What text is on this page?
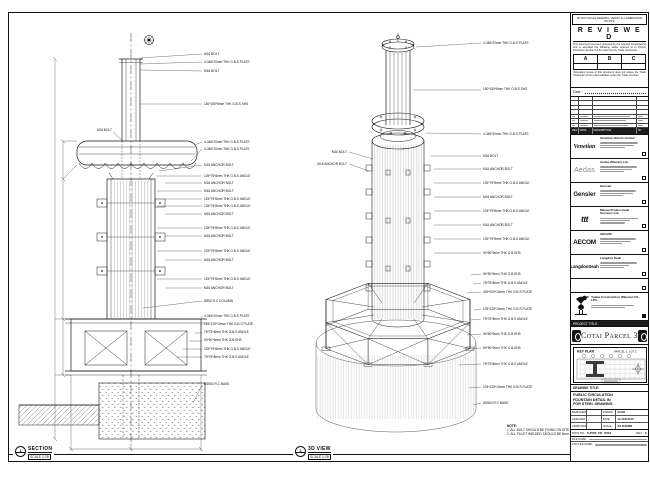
M16 BOLT
4-346*20mm THK G.B.S PLATE
M16 BOLT
150*150*8mm THK G.B.S SHS
M16 BOLT
4-346*20mm THK G.B.S PLATE
4-346*20mm THK G.B.S PLATE
M16 ANCHOR BOLT
125*75*8mm THK G.B.S ANGLE
M16 ANCHOR BOLT
M16 ANCHOR BOLT
125*75*8mm THK G.B.S ANGLE
125*75*8mm THK G.B.S ANGLE
M16 ANCHOR BOLT
125*75*8mm THK G.B.S ANGLE
M16 ANCHOR BOLT
125*75*8mm THK G.B.S ANGLE
M16 ANCHOR BOLT
125*75*8mm THK G.B.S ANGLE
M16 ANCHOR BOLT
Ø350 R.C COLUMN
4-346*20mm THK G.B.S PLATE
125*125*10mm THK G.B.S PLATE
75*75*8mm THK G.B.S ANGLE
50*50*5mm THK G.B.SHS
125*75*8mm THK G.B.S ANGLE
75*75*8mm THK G.B.S ANGLE
Ø2500 R.C BASE
4-346*20mm THK G.B.S PLATE
150*150*8mm THK G.B.S SHS
4-346*20mm THK G.B.S PLATE
M16 BOLT
M16 ANCHOR BOLT
125*75*8mm THK G.B.S ANGLE
M16 ANCHOR BOLT
125*75*8mm THK G.B.S ANGLE
M16 ANCHOR BOLT
125*75*8mm THK G.B.S ANGLE
50*50*5mm THK G.B.SHS
50*50*5mm THK G.B.SHS
75*75*8mm THK G.B.S ANGLE
400*200*10mm THK G.B.S PLATE
125*125*10mm THK G.B.S PLATE
75*75*8mm THK G.B.S ANGLE
50*50*5mm THK G.B.SHS
50*50*5mm THK G.B.SHS
75*75*8mm THK G.B.S ANGLE
125*125*10mm THK G.B.S PLATE
Ø2500 R.C BASE
M16 BOLT
M16 ANCHOR BOLT
1	SECTION
SCALE 1:25
2	3D VIEW
SCALE 1:25
NOTE:
1. ALL BOLT SHOULD BE FIXING ON SITE.
2. ALL FILLET WELDED SHOULD BE 6mm.
DO NOT SCALE DRAWING. VERIFY ALL DIMENSIONS ON SITE.
R E V I E W E D
This document has been reviewed by the relevant Consultant(s) and is accorded the following status referred to in Project Procedure Section 5.4 for action by the Trade Contractor.
A	B	C
Consultant review of this document does not relieve the Trade Contractor of the responsibilities under the Trade Contract.
Date :
REV DATE	DESCRIPTION	BY
Venetian
Venetian Orient Limited
Aedas
Aedas (Macau) Ltd.
Gensler
Gensler
ttt
Macau Professional Services Ltd.
AECOM
AECOM
LangdonSeah
Langdon Seah
Yadea Construction (Macau) CO., LTD.
PROJECT TITLE
Cotai Parcel 3
KEY PLAN	PARCEL 1, LOT 2
DRAWING TITLE:
PUBLIC CIRCULATION
FOUNTAIN DETAIL IN
FOR STEEL DRAWING
DESIGNED	DRAWN	CHAD
CHECKED	-	DATE	14-JAN-2015
APPROVED -	SCALE	AS SHOWN
DWG NO : S-PUB_FD_S001	REV : C
FILE NAME :
CAD FILE NAME :
